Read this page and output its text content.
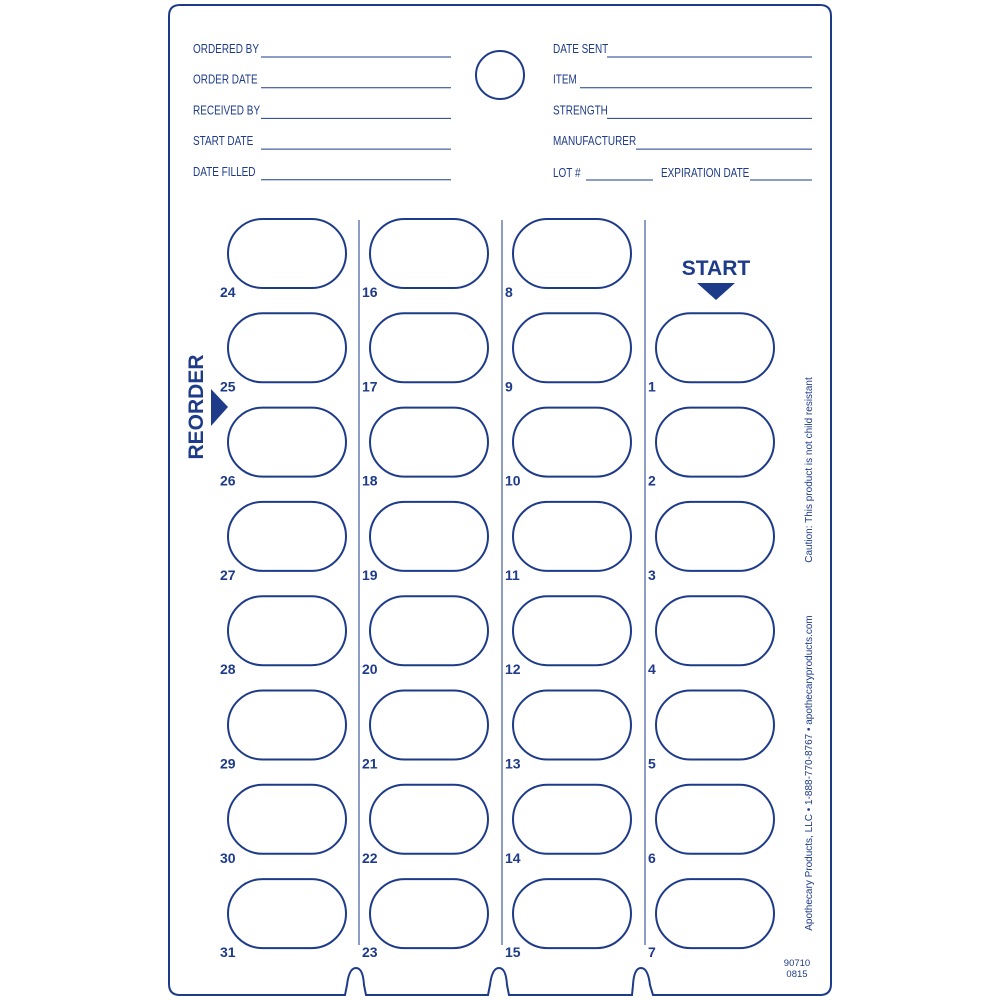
ORDERED BY
ORDER DATE
RECEIVED BY
START DATE
DATE FILLED
DATE SENT
ITEM
STRENGTH
MANUFACTURER
LOT #	EXPIRATION DATE
24
25
26
27
28
29
30
31
16
17
18
19
20
21
22
23
8
9
10
11
12
13
14
15
1
2
3
4
5
6
7
START
REORDER	Caution: This product is not child resistant
Apothecary Products, LLC • 1-888-770-8767 • apothecaryproducts.com
90710
0815
